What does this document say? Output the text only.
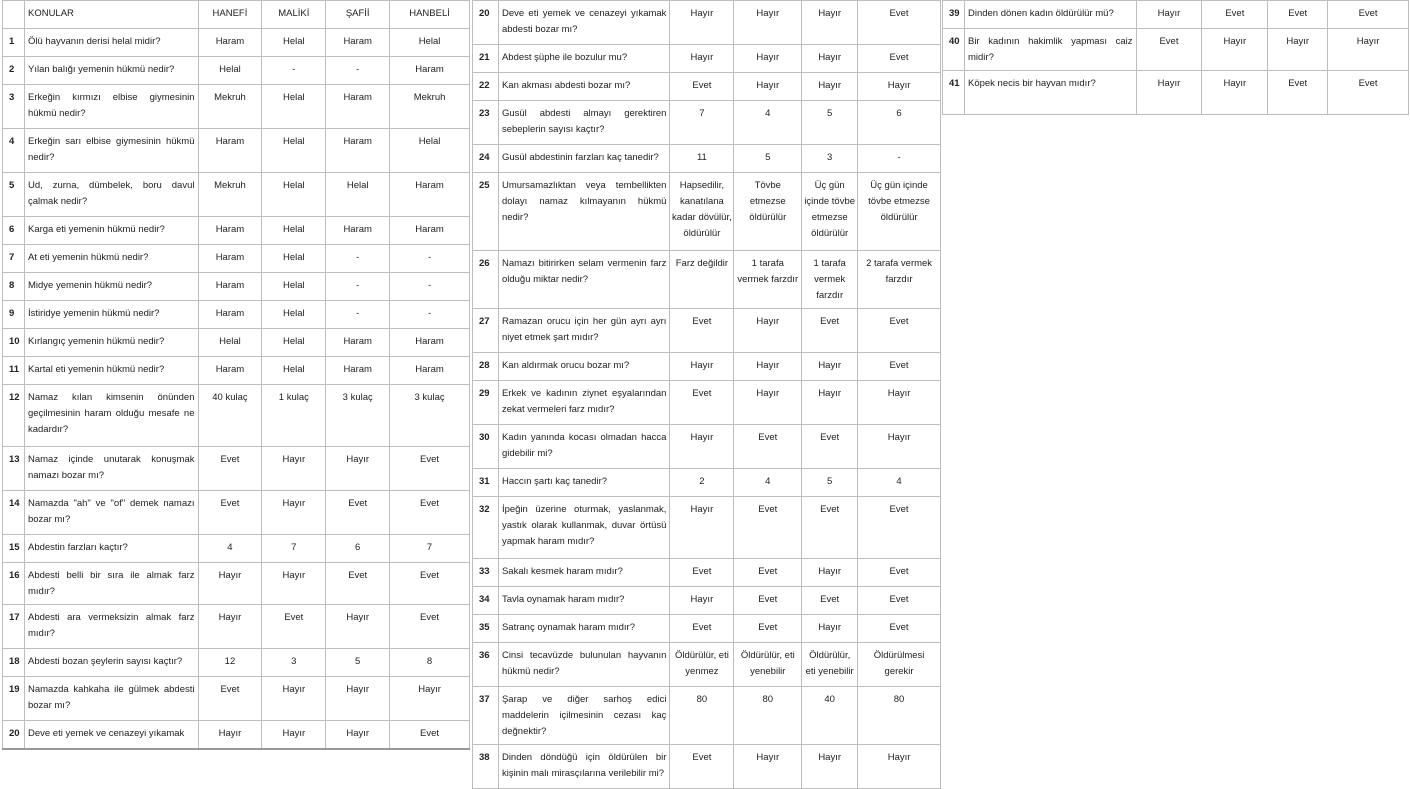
	KONULAR	HANEFİ	MALİKİ	ŞAFİİ	HANBELİ
1	Ölü hayvanın derisi helal midir?	Haram	Helal	Haram	Helal
2	Yılan balığı yemenin hükmü nedir?	Helal	-	-	Haram
3	Erkeğin kırmızı elbise giymesinin hükmü nedir?	Mekruh	Helal	Haram	Mekruh
4	Erkeğin sarı elbise giymesinin hükmü nedir?	Haram	Helal	Haram	Helal
5	Ud, zurna, dümbelek, boru davul çalmak nedir?	Mekruh	Helal	Helal	Haram
6	Karga eti yemenin hükmü nedir?	Haram	Helal	Haram	Haram
7	At eti yemenin hükmü nedir?	Haram	Helal	-	-
8	Midye yemenin hükmü nedir?	Haram	Helal	-	-
9	İstiridye yemenin hükmü nedir?	Haram	Helal	-	-
10	Kırlangıç yemenin hükmü nedir?	Helal	Helal	Haram	Haram
11	Kartal eti yemenin hükmü nedir?	Haram	Helal	Haram	Haram
12	Namaz kılan kimsenin önünden geçilmesinin haram olduğu mesafe ne kadardır?	40 kulaç	1 kulaç	3 kulaç	3 kulaç
13	Namaz içinde unutarak konuşmak namazı bozar mı?	Evet	Hayır	Hayır	Evet
14	Namazda "ah" ve "of" demek namazı bozar mı?	Evet	Hayır	Evet	Evet
15	Abdestin farzları kaçtır?	4	7	6	7
16	Abdesti belli bir sıra ile almak farz mıdır?	Hayır	Hayır	Evet	Evet
17	Abdesti ara vermeksizin almak farz mıdır?	Hayır	Evet	Hayır	Evet
18	Abdesti bozan şeylerin sayısı kaçtır?	12	3	5	8
19	Namazda kahkaha ile gülmek abdesti bozar mı?	Evet	Hayır	Hayır	Hayır
20	Deve eti yemek ve cenazeyi yıkamak	Hayır	Hayır	Hayır	Evet
20	Deve eti yemek ve cenazeyi yıkamak abdesti bozar mı?	Hayır	Hayır	Hayır	Evet
21	Abdest şüphe ile bozulur mu?	Hayır	Hayır	Hayır	Evet
22	Kan akması abdesti bozar mı?	Evet	Hayır	Hayır	Hayır
23	Gusül abdesti almayı gerektiren sebeplerin sayısı kaçtır?	7	4	5	6
24	Gusül abdestinin farzları kaç tanedir?	11	5	3	-
25	Umursamazlıktan veya tembellikten dolayı namaz kılmayanın hükmü nedir?	Hapsedilir, kanatılana kadar dövülür, öldürülür	Tövbe etmezse öldürülür	Üç gün içinde tövbe etmezse öldürülür	Üç gün içinde tövbe etmezse öldürülür
26	Namazı bitirirken selam vermenin farz olduğu miktar nedir?	Farz değildir	1 tarafa vermek farzdır	1 tarafa vermek farzdır	2 tarafa vermek farzdır
27	Ramazan orucu için her gün ayrı ayrı niyet etmek şart mıdır?	Evet	Hayır	Evet	Evet
28	Kan aldırmak orucu bozar mı?	Hayır	Hayır	Hayır	Evet
29	Erkek ve kadının ziynet eşyalarından zekat vermeleri farz mıdır?	Evet	Hayır	Hayır	Hayır
30	Kadın yanında kocası olmadan hacca gidebilir mi?	Hayır	Evet	Evet	Hayır
31	Haccın şartı kaç tanedir?	2	4	5	4
32	İpeğin üzerine oturmak, yaslanmak, yastık olarak kullanmak, duvar örtüsü yapmak haram mıdır?	Hayır	Evet	Evet	Evet
33	Sakalı kesmek haram mıdır?	Evet	Evet	Hayır	Evet
34	Tavla oynamak haram mıdır?	Hayır	Evet	Evet	Evet
35	Satranç oynamak haram mıdır?	Evet	Evet	Hayır	Evet
36	Cinsi tecavüzde bulunulan hayvanın hükmü nedir?	Öldürülür, eti yenmez	Öldürülür, eti yenebilir	Öldürülür, eti yenebilir	Öldürülmesi gerekir
37	Şarap ve diğer sarhoş edici maddelerin içilmesinin cezası kaç değnektir?	80	80	40	80
38	Dinden döndüğü için öldürülen bir kişinin malı mirasçılarına verilebilir mi?	Evet	Hayır	Hayır	Hayır
39	Dinden dönen kadın öldürülür mü?	Hayır	Evet	Evet	Evet
40	Bir kadının hakimlik yapması caiz midir?	Evet	Hayır	Hayır	Hayır
41	Köpek necis bir hayvan mıdır?	Hayır	Hayır	Evet	Evet
